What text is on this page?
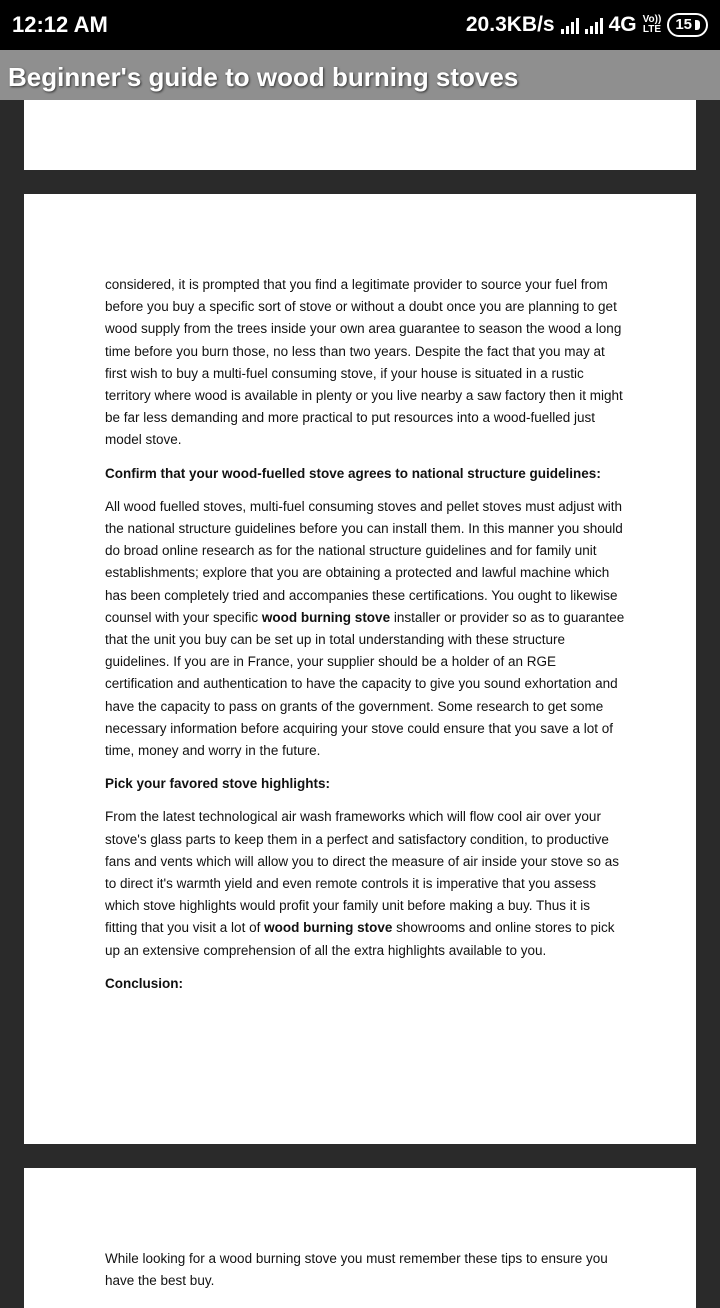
12:12 AM	20.3KB/s	4G Vo))
LTE 15
Beginner's guide to wood burning stoves

considered, it is prompted that you find a legitimate provider to source your fuel from before you buy a specific sort of stove or without a doubt once you are planning to get wood supply from the trees inside your own area guarantee to season the wood a long time before you burn those, no less than two years. Despite the fact that you may at first wish to buy a multi-fuel consuming stove, if your house is situated in a rustic territory where wood is available in plenty or you live nearby a saw factory then it might be far less demanding and more practical to put resources into a wood-fuelled just model stove.

Confirm that your wood-fuelled stove agrees to national structure guidelines:

All wood fuelled stoves, multi-fuel consuming stoves and pellet stoves must adjust with the national structure guidelines before you can install them. In this manner you should do broad online research as for the national structure guidelines and for family unit establishments; explore that you are obtaining a protected and lawful machine which has been completely tried and accompanies these certifications. You ought to likewise counsel with your specific wood burning stove installer or provider so as to guarantee that the unit you buy can be set up in total understanding with these structure guidelines. If you are in France, your supplier should be a holder of an RGE certification and authentication to have the capacity to give you sound exhortation and have the capacity to pass on grants of the government. Some research to get some necessary information before acquiring your stove could ensure that you save a lot of time, money and worry in the future.

Pick your favored stove highlights:

From the latest technological air wash frameworks which will flow cool air over your stove's glass parts to keep them in a perfect and satisfactory condition, to productive fans and vents which will allow you to direct the measure of air inside your stove so as to direct it's warmth yield and even remote controls it is imperative that you assess which stove highlights would profit your family unit before making a buy. Thus it is fitting that you visit a lot of wood burning stove showrooms and online stores to pick up an extensive comprehension of all the extra highlights available to you.

Conclusion:

While looking for a wood burning stove you must remember these tips to ensure you have the best buy.
